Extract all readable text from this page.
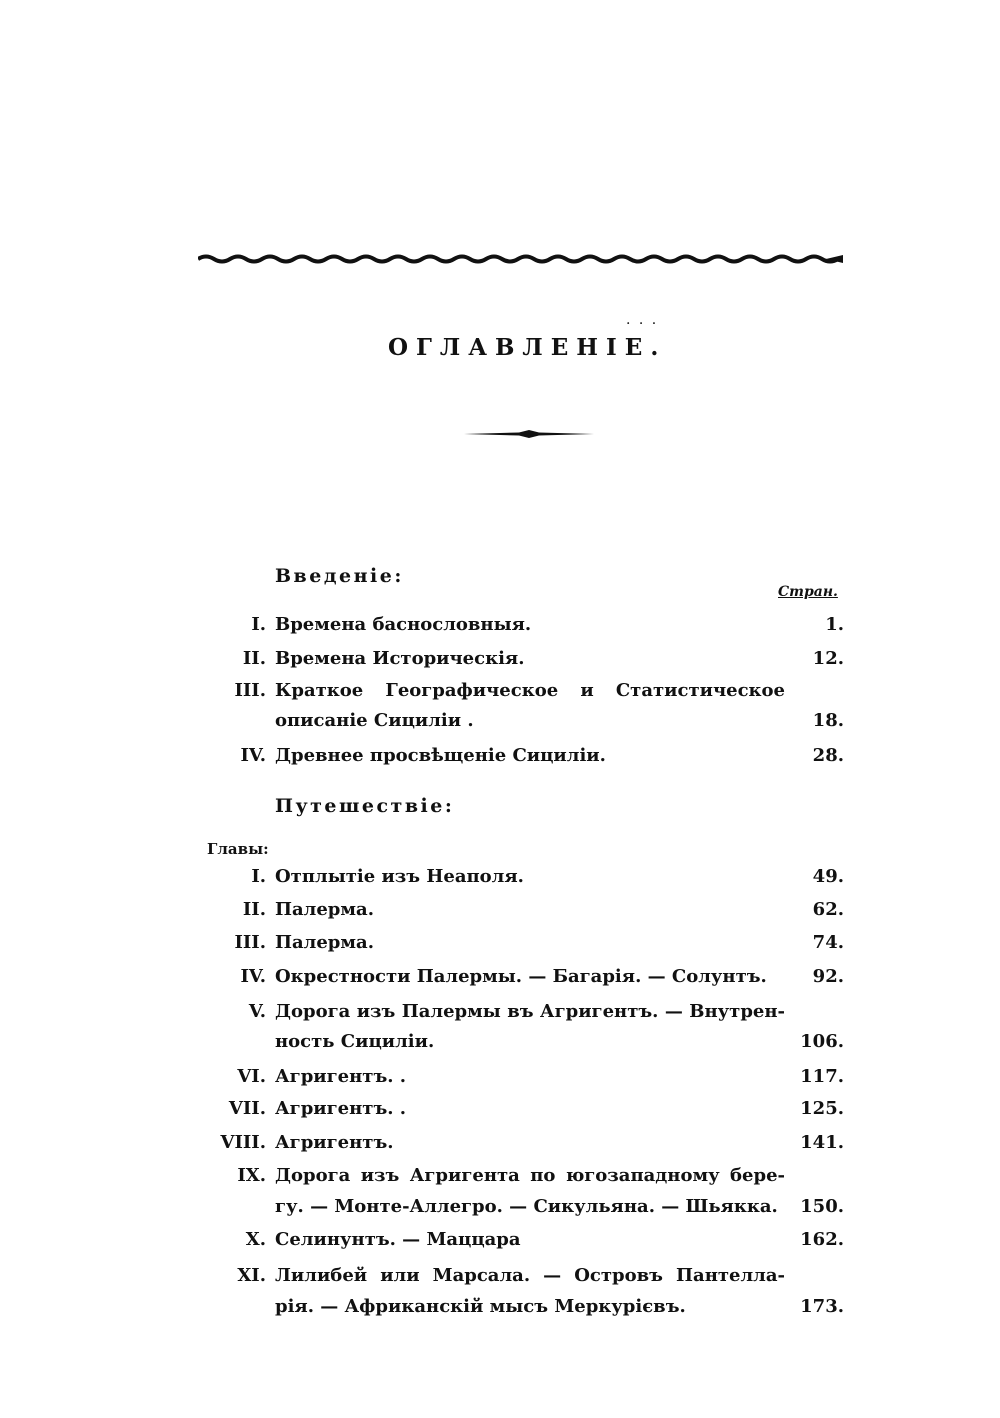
· · ·
ОГЛАВЛЕНІЕ.
Введеніе:
Стран.
I. Времена баснословныя.	1.
II. Времена Историческія.	12.
III. Краткое Географическое и Статистическое
описаніе Сициліи .	18.
IV. Древнее просвѣщеніе Сициліи.	28.
Путешествіе:
Главы:
I. Отплытіе изъ Неаполя.	49.
II. Палерма.	62.
III. Палерма.	74.
IV. Окрестности Палермы. — Багарія. — Солунтъ.	92.
V. Дорога изъ Палермы въ Агригентъ. — Внутрен-
ность Сициліи.	106.
VI. Агригентъ. .	117.
VII. Агригентъ. .	125.
VIII. Агригентъ.	141.
IX. Дорога изъ Агригента по югозападному бере-
гу. — Монте-Аллегро. — Сикульяна. — Шьякка.	150.
X. Селинунтъ. — Маццара	162.
XI. Лилибей или Марсала. — Островъ Пантелла-
рія. — Африканскій мысъ Меркурієвъ.	173.
